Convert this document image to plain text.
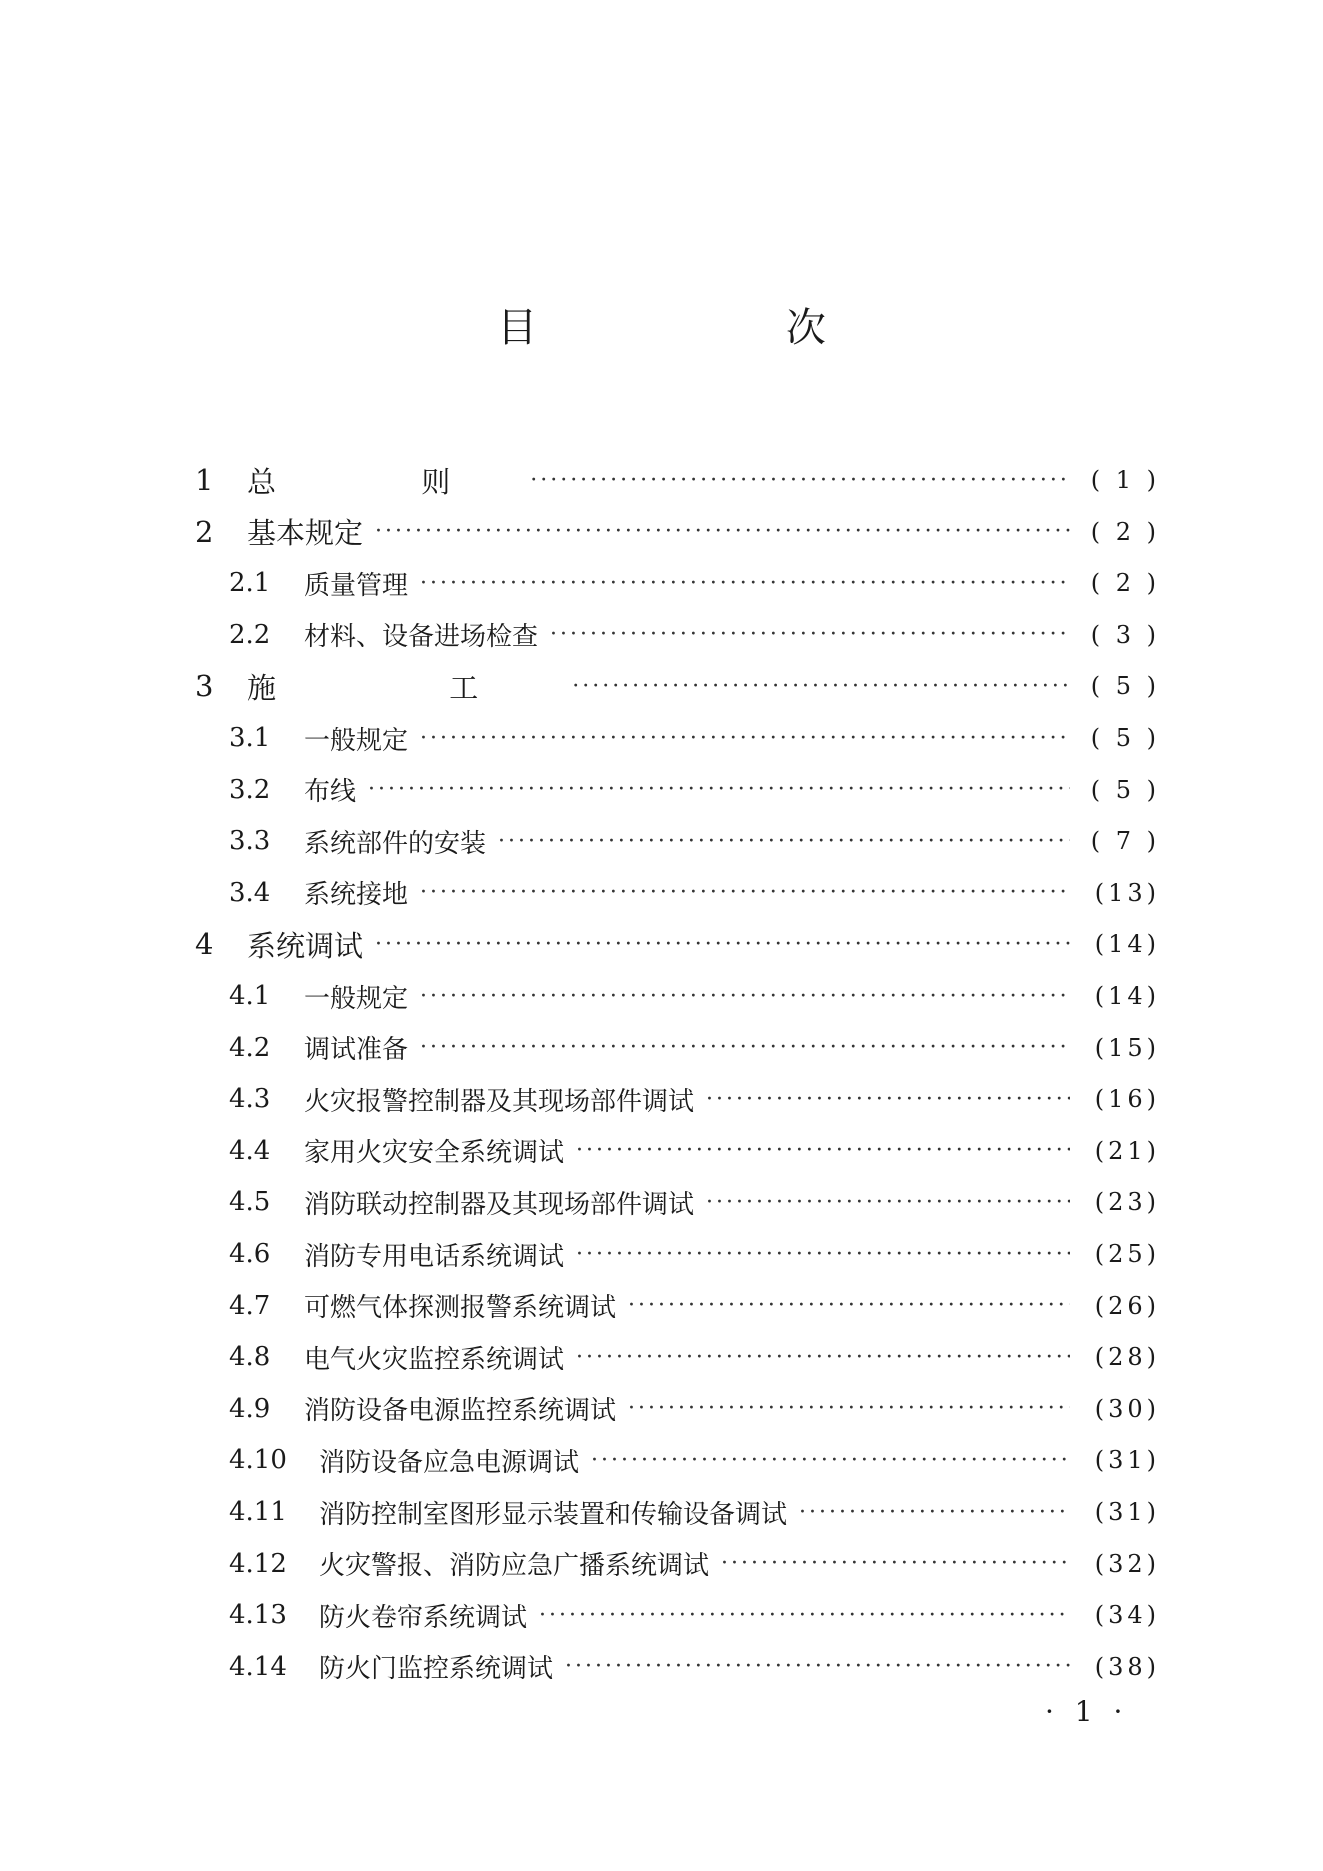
目 次
1	总 则 ·····	( 1 )
2	基本规定 ·····	( 2 )
2.1	质量管理 ·····	( 2 )
2.2	材料、设备进场检查 ·····	( 3 )
3	施 工 ·····	( 5 )
3.1	一般规定 ·····	( 5 )
3.2	布线 ·····	( 5 )
3.3	系统部件的安装 ·····	( 7 )
3.4	系统接地 ·····	(13)
4	系统调试 ·····	(14)
4.1	一般规定 ·····	(14)
4.2	调试准备 ·····	(15)
4.3	火灾报警控制器及其现场部件调试 ·····	(16)
4.4	家用火灾安全系统调试 ·····	(21)
4.5	消防联动控制器及其现场部件调试 ·····	(23)
4.6	消防专用电话系统调试 ·····	(25)
4.7	可燃气体探测报警系统调试 ·····	(26)
4.8	电气火灾监控系统调试 ·····	(28)
4.9	消防设备电源监控系统调试 ·····	(30)
4.10	消防设备应急电源调试 ·····	(31)
4.11	消防控制室图形显示装置和传输设备调试 ·····	(31)
4.12	火灾警报、消防应急广播系统调试 ·····	(32)
4.13	防火卷帘系统调试 ·····	(34)
4.14	防火门监控系统调试 ·····	(38)
· 1 ·
